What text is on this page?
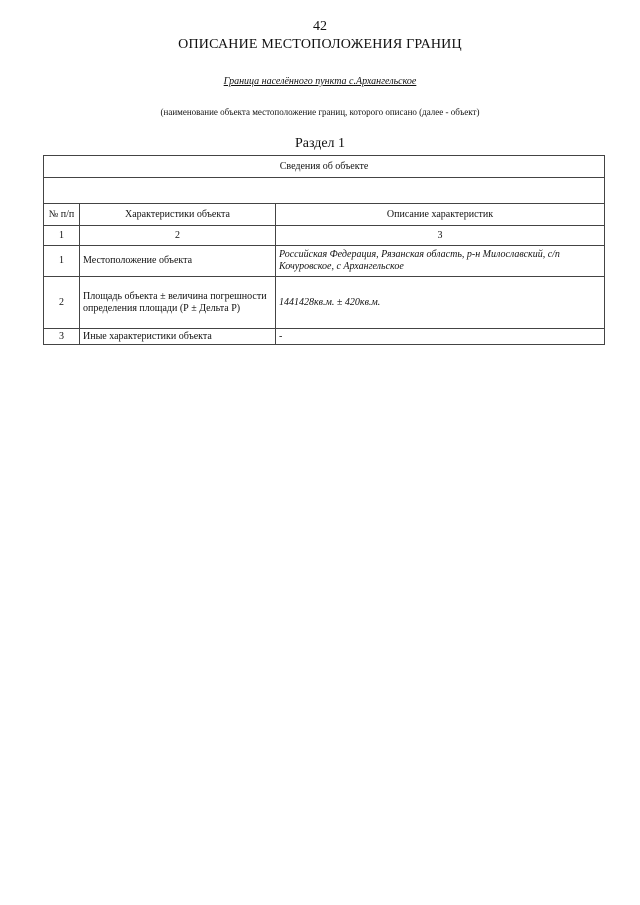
42
ОПИСАНИЕ МЕСТОПОЛОЖЕНИЯ ГРАНИЦ
Граница населённого пункта с.Архангельское
(наименование объекта местоположение границ, которого описано (далее - объект)
Раздел 1
Сведения об объекте		

№ п/п	Характеристики объекта	Описание характеристик
1	2	3
1	Местоположение объекта	Российская Федерация, Рязанская область, р-н Милославский, с/п Кочуровское, с Архангельское
2	Площадь объекта ± величина погрешности определения площади (Р ± Дельта Р)	1441428кв.м. ± 420кв.м.
3	Иные характеристики объекта	-
